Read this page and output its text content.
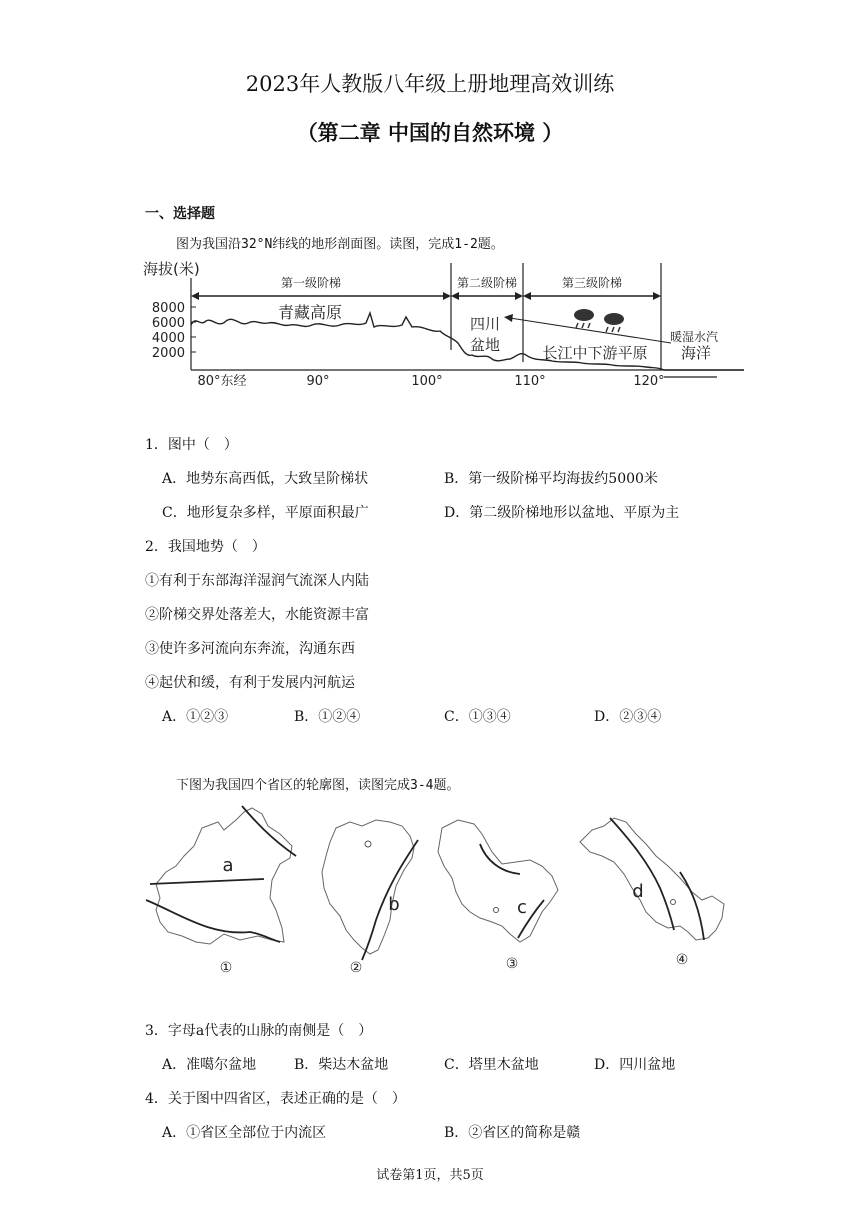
2023年人教版八年级上册地理高效训练
（第二章 中国的自然环境 ）
一、选择题
图为我国沿32°N纬线的地形剖面图。读图，完成1-2题。
海拔(米)
8000
6000
4000
2000
第一级阶梯	第二级阶梯	第三级阶梯
青藏高原
四川
盆地	长江中下游平原
暖湿水汽
海洋
80°东经	90°	100°	110°	120°
1．图中（　）
A．地势东高西低，大致呈阶梯状	B．第一级阶梯平均海拔约5000米
C．地形复杂多样，平原面积最广	D．第二级阶梯地形以盆地、平原为主
2．我国地势（　）
①有利于东部海洋湿润气流深人内陆
②阶梯交界处落差大，水能资源丰富
③使许多河流向东奔流，沟通东西
④起伏和缓，有利于发展内河航运
A．①②③	B．①②④	C．①③④	D．②③④
下图为我国四个省区的轮廓图，读图完成3-4题。
a
①
b
②
c
③
d
④
3．字母a代表的山脉的南侧是（　）
A．准噶尔盆地	B．柴达木盆地	C．塔里木盆地	D．四川盆地
4．关于图中四省区，表述正确的是（　）
A．①省区全部位于内流区	B．②省区的简称是赣
试卷第1页，共5页
